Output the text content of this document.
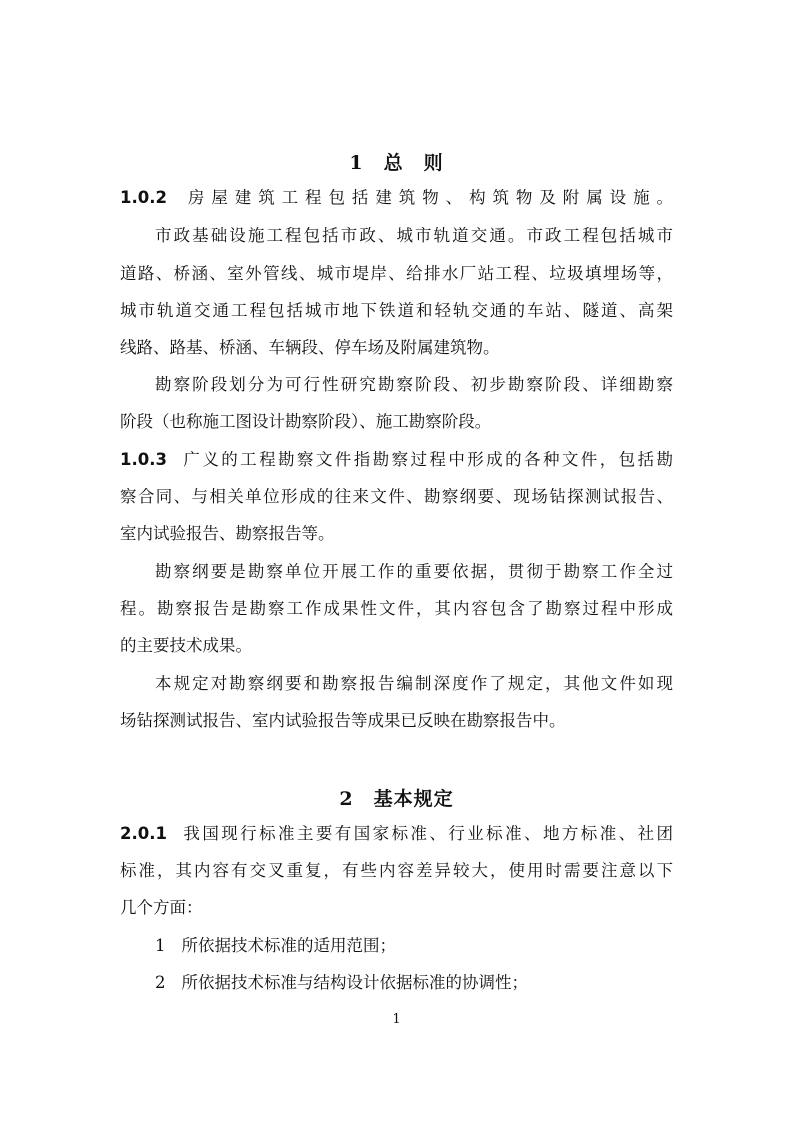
1　总　则
1.0.2 房屋建筑工程包括建筑物、构筑物及附属设施。
市政基础设施工程包括市政、城市轨道交通。市政工程包括城市
道路、桥涵、室外管线、城市堤岸、给排水厂站工程、垃圾填埋场等，
城市轨道交通工程包括城市地下铁道和轻轨交通的车站、隧道、高架
线路、路基、桥涵、车辆段、停车场及附属建筑物。
勘察阶段划分为可行性研究勘察阶段、初步勘察阶段、详细勘察
阶段（也称施工图设计勘察阶段）、施工勘察阶段。
1.0.3 广义的工程勘察文件指勘察过程中形成的各种文件，包括勘
察合同、与相关单位形成的往来文件、勘察纲要、现场钻探测试报告、
室内试验报告、勘察报告等。
勘察纲要是勘察单位开展工作的重要依据，贯彻于勘察工作全过
程。勘察报告是勘察工作成果性文件，其内容包含了勘察过程中形成
的主要技术成果。
本规定对勘察纲要和勘察报告编制深度作了规定，其他文件如现
场钻探测试报告、室内试验报告等成果已反映在勘察报告中。
2　基本规定
2.0.1 我国现行标准主要有国家标准、行业标准、地方标准、社团
标准，其内容有交叉重复，有些内容差异较大，使用时需要注意以下
几个方面：
1 所依据技术标准的适用范围；
2 所依据技术标准与结构设计依据标准的协调性；
1
